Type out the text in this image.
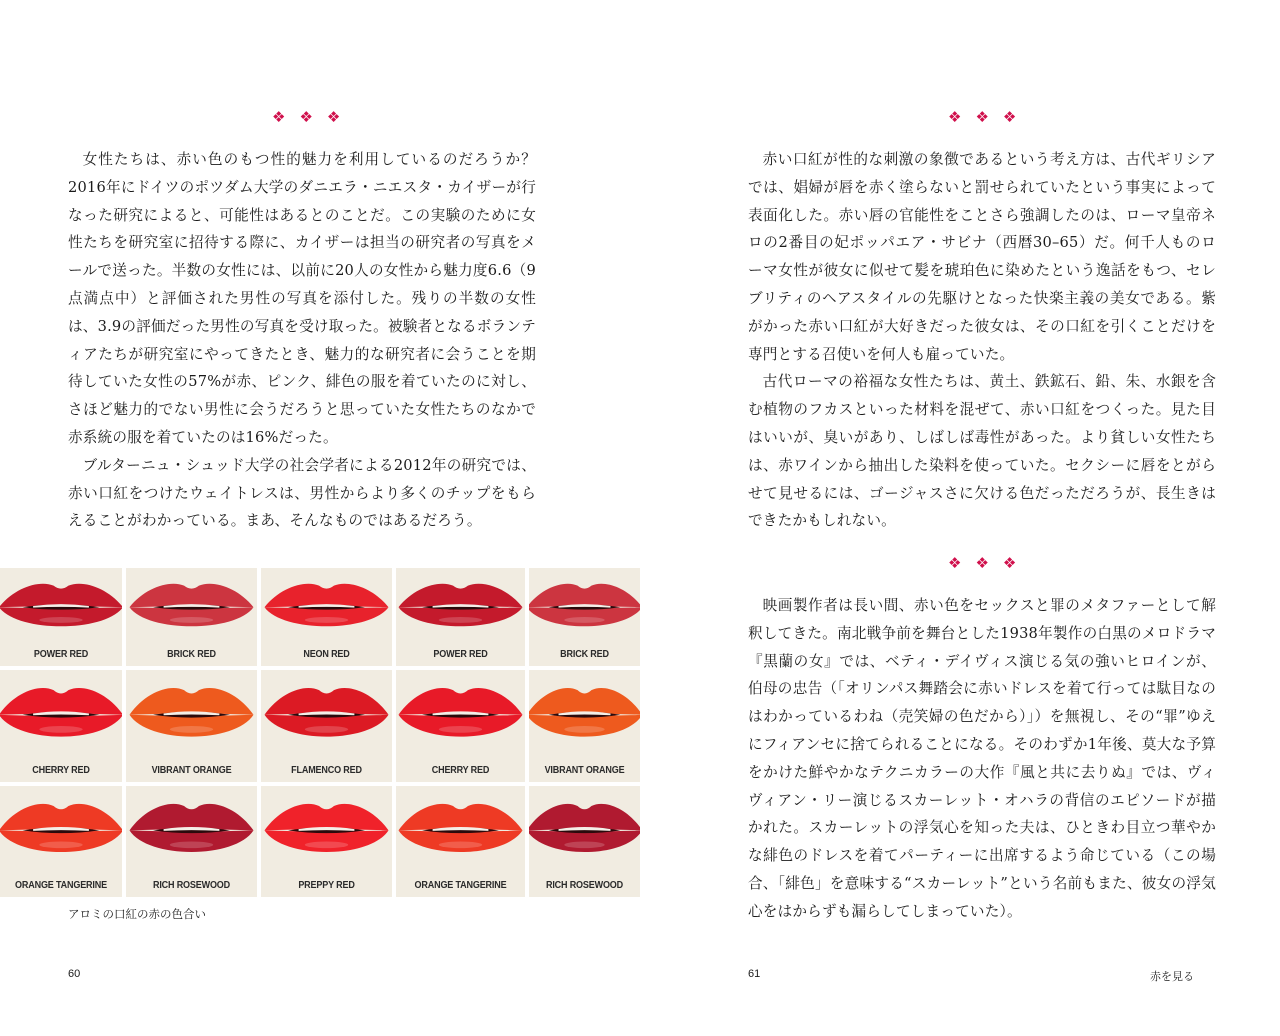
❖ ❖ ❖

女性たちは、赤い色のもつ性的魅力を利用しているのだろうか？2016年にドイツのポツダム大学のダニエラ・ニエスタ・カイザーが行なった研究によると、可能性はあるとのことだ。この実験のために女性たちを研究室に招待する際に、カイザーは担当の研究者の写真をメールで送った。半数の女性には、以前に20人の女性から魅力度6.6（9点満点中）と評価された男性の写真を添付した。残りの半数の女性は、3.9の評価だった男性の写真を受け取った。被験者となるボランティアたちが研究室にやってきたとき、魅力的な研究者に会うことを期待していた女性の57%が赤、ピンク、緋色の服を着ていたのに対し、さほど魅力的でない男性に会うだろうと思っていた女性たちのなかで赤系統の服を着ていたのは16%だった。

ブルターニュ・シュッド大学の社会学者による2012年の研究では、赤い口紅をつけたウェイトレスは、男性からより多くのチップをもらえることがわかっている。まあ、そんなものではあるだろう。

POWER RED	BRICK RED	NEON RED	POWER RED	BRICK RED
CHERRY RED	VIBRANT ORANGE	FLAMENCO RED	CHERRY RED	VIBRANT ORANGE
ORANGE TANGERINE	RICH ROSEWOOD	PREPPY RED	ORANGE TANGERINE	RICH ROSEWOOD
アロミの口紅の赤の色合い
60
❖ ❖ ❖

赤い口紅が性的な刺激の象徴であるという考え方は、古代ギリシアでは、娼婦が唇を赤く塗らないと罰せられていたという事実によって表面化した。赤い唇の官能性をことさら強調したのは、ローマ皇帝ネロの2番目の妃ポッパエア・サビナ（西暦30–65）だ。何千人ものローマ女性が彼女に似せて髪を琥珀色に染めたという逸話をもつ、セレブリティのヘアスタイルの先駆けとなった快楽主義の美女である。紫がかった赤い口紅が大好きだった彼女は、その口紅を引くことだけを専門とする召使いを何人も雇っていた。

古代ローマの裕福な女性たちは、黄土、鉄鉱石、鉛、朱、水銀を含む植物のフカスといった材料を混ぜて、赤い口紅をつくった。見た目はいいが、臭いがあり、しばしば毒性があった。より貧しい女性たちは、赤ワインから抽出した染料を使っていた。セクシーに唇をとがらせて見せるには、ゴージャスさに欠ける色だっただろうが、長生きはできたかもしれない。

❖ ❖ ❖

映画製作者は長い間、赤い色をセックスと罪のメタファーとして解釈してきた。南北戦争前を舞台とした1938年製作の白黒のメロドラマ『黒蘭の女』では、ベティ・デイヴィス演じる気の強いヒロインが、伯母の忠告（「オリンパス舞踏会に赤いドレスを着て行っては駄目なのはわかっているわね（売笑婦の色だから）」）を無視し、その“罪”ゆえにフィアンセに捨てられることになる。そのわずか1年後、莫大な予算をかけた鮮やかなテクニカラーの大作『風と共に去りぬ』では、ヴィヴィアン・リー演じるスカーレット・オハラの背信のエピソードが描かれた。スカーレットの浮気心を知った夫は、ひときわ目立つ華やかな緋色のドレスを着てパーティーに出席するよう命じている（この場合、「緋色」を意味する“スカーレット”という名前もまた、彼女の浮気心をはからずも漏らしてしまっていた）。

61	赤を見る
